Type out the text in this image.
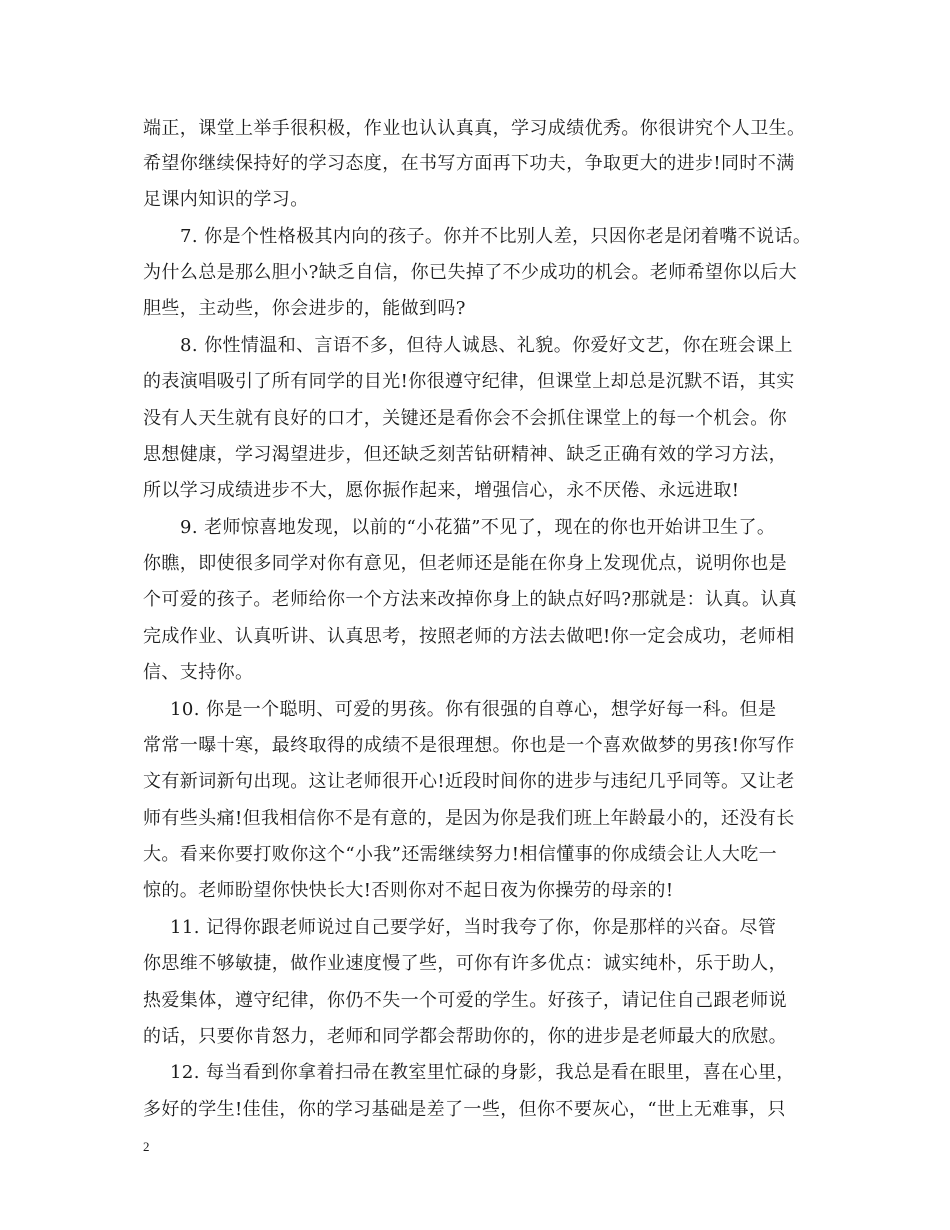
端正，课堂上举手很积极，作业也认认真真，学习成绩优秀。你很讲究个人卫生。
希望你继续保持好的学习态度，在书写方面再下功夫，争取更大的进步!同时不满
足课内知识的学习。
7. 你是个性格极其内向的孩子。你并不比别人差，只因你老是闭着嘴不说话。
为什么总是那么胆小?缺乏自信，你已失掉了不少成功的机会。老师希望你以后大
胆些，主动些，你会进步的，能做到吗?
8. 你性情温和、言语不多，但待人诚恳、礼貌。你爱好文艺，你在班会课上
的表演唱吸引了所有同学的目光!你很遵守纪律，但课堂上却总是沉默不语，其实
没有人天生就有良好的口才，关键还是看你会不会抓住课堂上的每一个机会。你
思想健康，学习渴望进步，但还缺乏刻苦钻研精神、缺乏正确有效的学习方法，
所以学习成绩进步不大，愿你振作起来，增强信心，永不厌倦、永远进取!
9. 老师惊喜地发现，以前的“小花猫”不见了，现在的你也开始讲卫生了。
你瞧，即使很多同学对你有意见，但老师还是能在你身上发现优点，说明你也是
个可爱的孩子。老师给你一个方法来改掉你身上的缺点好吗?那就是：认真。认真
完成作业、认真听讲、认真思考，按照老师的方法去做吧!你一定会成功，老师相
信、支持你。
10. 你是一个聪明、可爱的男孩。你有很强的自尊心，想学好每一科。但是
常常一曝十寒，最终取得的成绩不是很理想。你也是一个喜欢做梦的男孩!你写作
文有新词新句出现。这让老师很开心!近段时间你的进步与违纪几乎同等。又让老
师有些头痛!但我相信你不是有意的，是因为你是我们班上年龄最小的，还没有长
大。看来你要打败你这个“小我”还需继续努力!相信懂事的你成绩会让人大吃一
惊的。老师盼望你快快长大!否则你对不起日夜为你操劳的母亲的!
11. 记得你跟老师说过自己要学好，当时我夸了你，你是那样的兴奋。尽管
你思维不够敏捷，做作业速度慢了些，可你有许多优点：诚实纯朴，乐于助人，
热爱集体，遵守纪律，你仍不失一个可爱的学生。好孩子，请记住自己跟老师说
的话，只要你肯怒力，老师和同学都会帮助你的，你的进步是老师最大的欣慰。
12. 每当看到你拿着扫帚在教室里忙碌的身影，我总是看在眼里，喜在心里，
多好的学生!佳佳，你的学习基础是差了一些，但你不要灰心，“世上无难事，只
2
